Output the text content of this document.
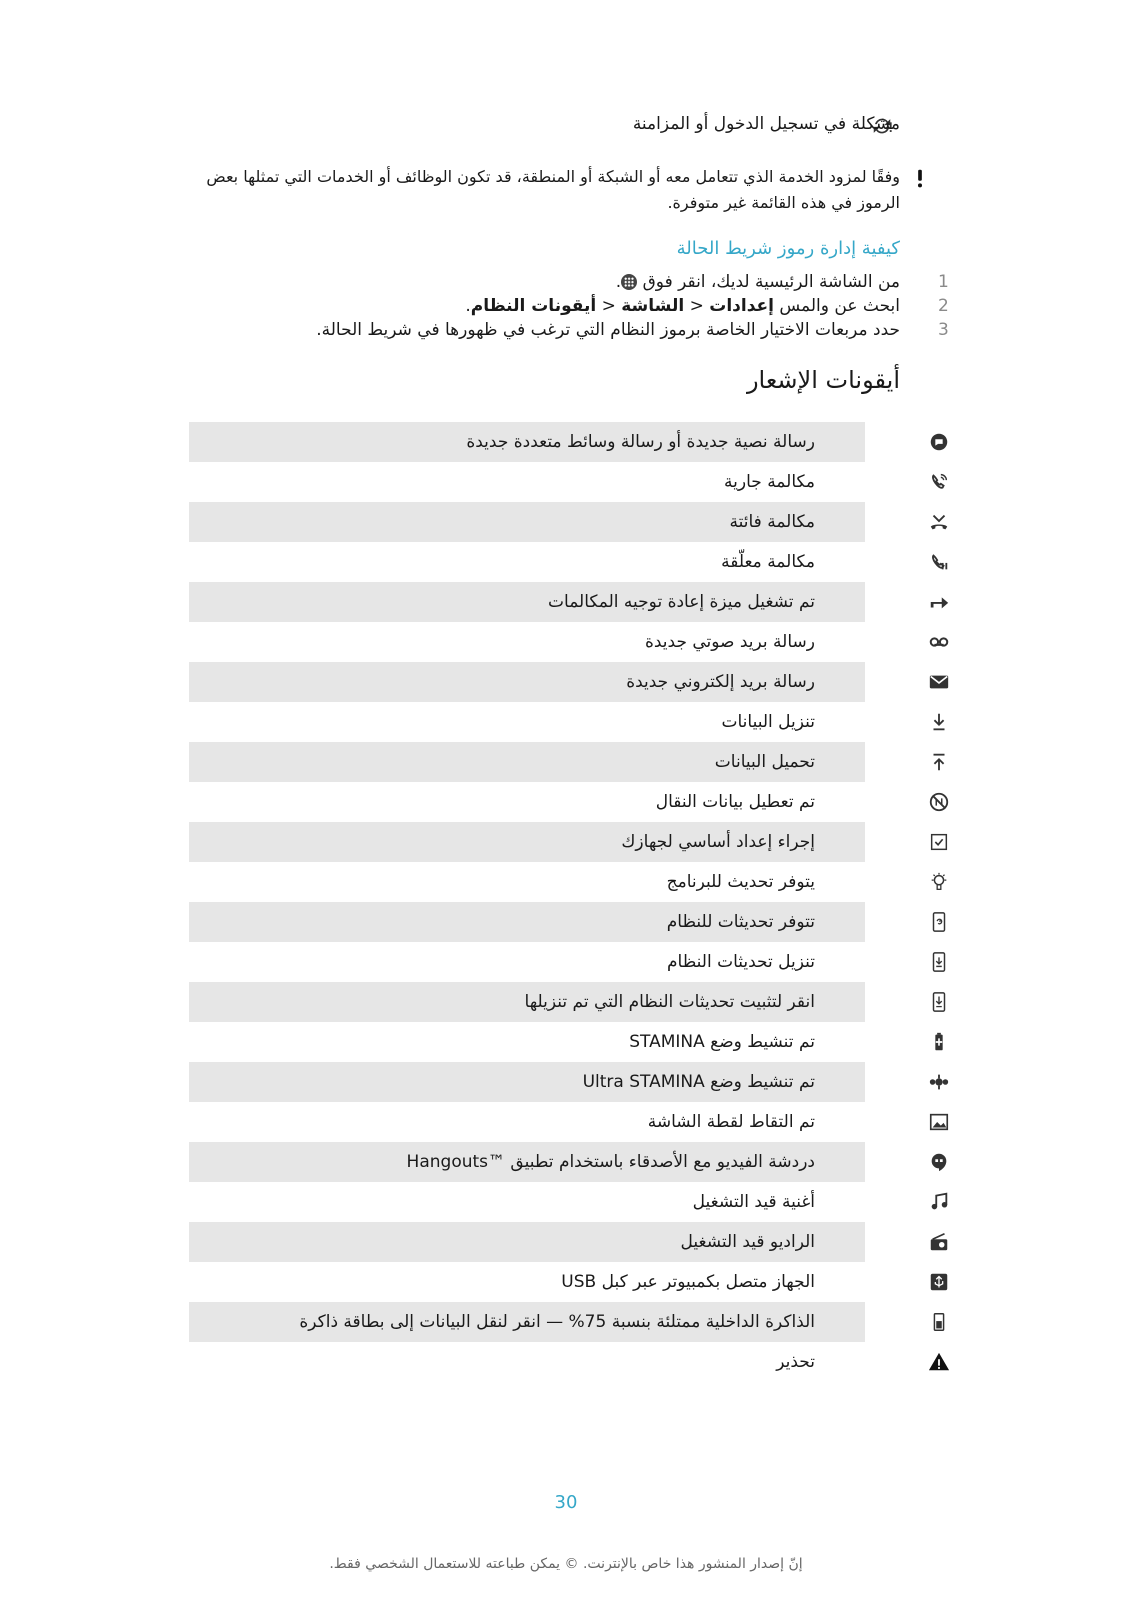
مشكلة في تسجيل الدخول أو المزامنة
وفقًا لمزود الخدمة الذي تتعامل معه أو الشبكة أو المنطقة، قد تكون الوظائف أو الخدمات التي تمثلها بعض الرموز في هذه القائمة غير متوفرة.
كيفية إدارة رموز شريط الحالة
1
من الشاشة الرئيسية لديك، انقر فوق
.
2
ابحث عن والمس إعدادات < الشاشة < أيقونات النظام.
3
حدد مربعات الاختيار الخاصة برموز النظام التي ترغب في ظهورها في شريط الحالة.
أيقونات الإشعار
رسالة نصية جديدة أو رسالة وسائط متعددة جديدة
مكالمة جارية
مكالمة فائتة
مكالمة معلّقة
تم تشغيل ميزة إعادة توجيه المكالمات
رسالة بريد صوتي جديدة
رسالة بريد إلكتروني جديدة
تنزيل البيانات
تحميل البيانات
تم تعطيل بيانات النقال
إجراء إعداد أساسي لجهازك
يتوفر تحديث للبرنامج
تتوفر تحديثات للنظام
تنزيل تحديثات النظام
انقر لتثبيت تحديثات النظام التي تم تنزيلها
تم تنشيط وضع STAMINA
تم تنشيط وضع Ultra STAMINA
تم التقاط لقطة الشاشة
دردشة الفيديو مع الأصدقاء باستخدام تطبيق ™Hangouts
أغنية قيد التشغيل
الراديو قيد التشغيل
الجهاز متصل بكمبيوتر عبر كبل USB
الذاكرة الداخلية ممتلئة بنسبة 75% — انقر لنقل البيانات إلى بطاقة ذاكرة
تحذير
30
إنّ إصدار المنشور هذا خاص بالإنترنت. © يمكن طباعته للاستعمال الشخصي فقط.
